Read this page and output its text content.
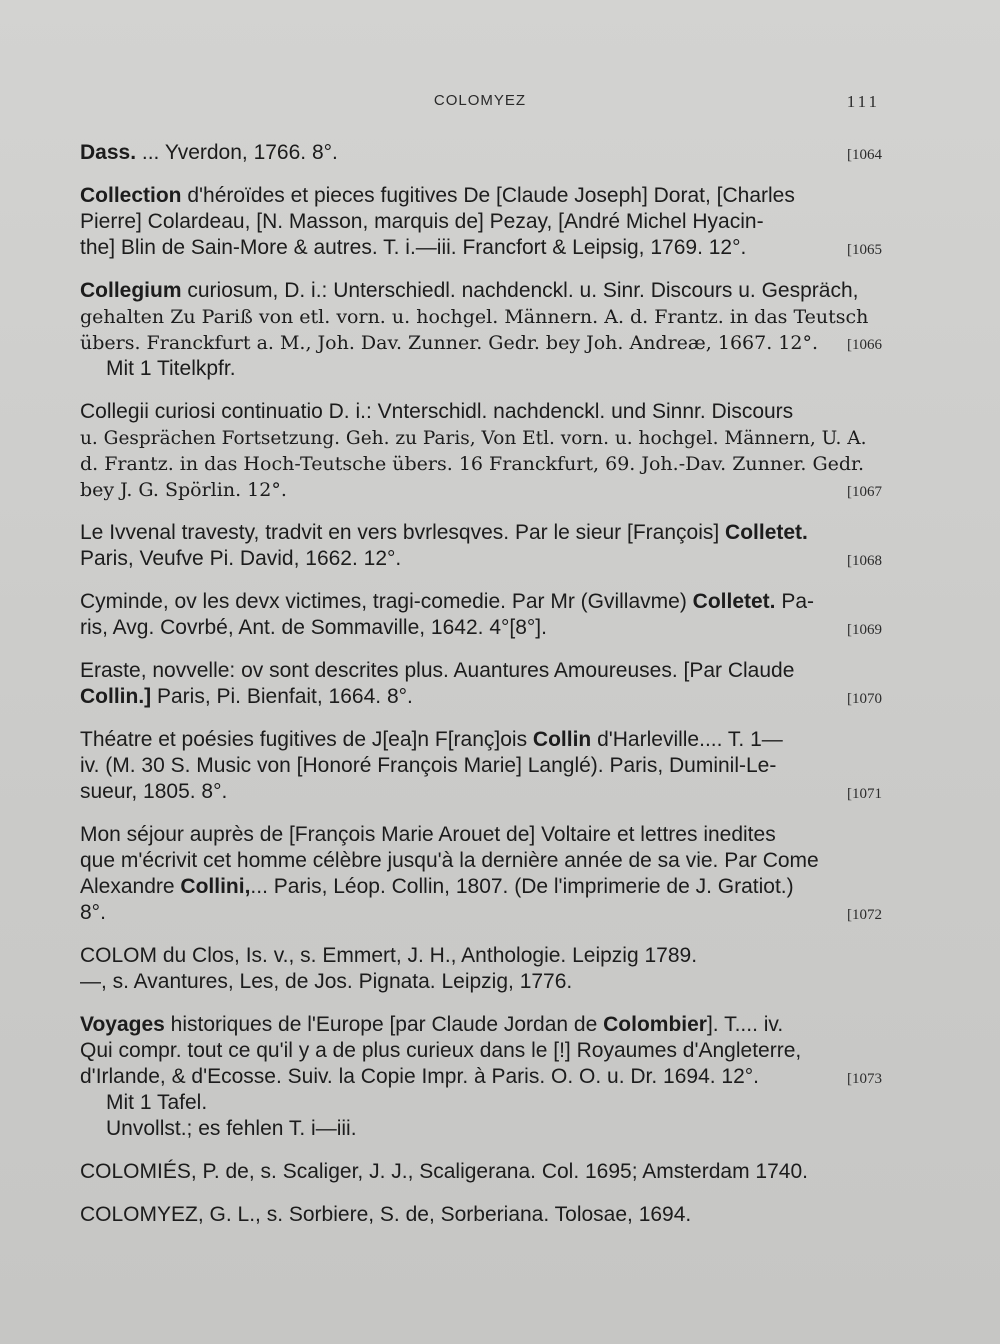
COLOMYEZ	111
Dass. ... Yverdon, 1766. 8°.	[1064
Collection d'héroïdes et pieces fugitives De [Claude Joseph] Dorat, [Charles
Pierre] Colardeau, [N. Masson, marquis de] Pezay, [André Michel Hyacin-
the] Blin de Sain-More & autres. T. i.—iii. Francfort & Leipsig, 1769. 12°.	[1065
Collegium curiosum, D. i.: Unterschiedl. nachdenckl. u. Sinr. Discours u. Gespräch,
gehalten Zu Pariß von etl. vorn. u. hochgel. Männern. A. d. Frantz. in das Teutsch
übers. Franckfurt a. M., Joh. Dav. Zunner. Gedr. bey Joh. Andreæ, 1667. 12°.	[1066
Mit 1 Titelkpfr.
Collegii curiosi continuatio D. i.: Vnterschidl. nachdenckl. und Sinnr. Discours
u. Gesprächen Fortsetzung. Geh. zu Paris, Von Etl. vorn. u. hochgel. Männern, U. A.
d. Frantz. in das Hoch-Teutsche übers. 16 Franckfurt, 69. Joh.-Dav. Zunner. Gedr.
bey J. G. Spörlin. 12°.	[1067
Le Ivvenal travesty, tradvit en vers bvrlesqves. Par le sieur [François] Colletet.
Paris, Veufve Pi. David, 1662. 12°.	[1068
Cyminde, ov les devx victimes, tragi-comedie. Par Mr (Gvillavme) Colletet. Pa-
ris, Avg. Covrbé, Ant. de Sommaville, 1642. 4°[8°].	[1069
Eraste, novvelle: ov sont descrites plus. Auantures Amoureuses. [Par Claude
Collin.] Paris, Pi. Bienfait, 1664. 8°.	[1070
Théatre et poésies fugitives de J[ea]n F[ranç]ois Collin d'Harleville.... T. 1—
iv. (M. 30 S. Music von [Honoré François Marie] Langlé). Paris, Duminil-Le-
sueur, 1805. 8°.	[1071
Mon séjour auprès de [François Marie Arouet de] Voltaire et lettres inedites
que m'écrivit cet homme célèbre jusqu'à la dernière année de sa vie. Par Come
Alexandre Collini,... Paris, Léop. Collin, 1807. (De l'imprimerie de J. Gratiot.)
8°.	[1072
COLOM du Clos, Is. v., s. Emmert, J. H., Anthologie. Leipzig 1789.
—, s. Avantures, Les, de Jos. Pignata. Leipzig, 1776.
Voyages historiques de l'Europe [par Claude Jordan de Colombier]. T.... iv.
Qui compr. tout ce qu'il y a de plus curieux dans le [!] Royaumes d'Angleterre,
d'Irlande, & d'Ecosse. Suiv. la Copie Impr. à Paris. O. O. u. Dr. 1694. 12°.	[1073
Mit 1 Tafel.
Unvollst.; es fehlen T. i—iii.
COLOMIÉS, P. de, s. Scaliger, J. J., Scaligerana. Col. 1695; Amsterdam 1740.
COLOMYEZ, G. L., s. Sorbiere, S. de, Sorberiana. Tolosae, 1694.
